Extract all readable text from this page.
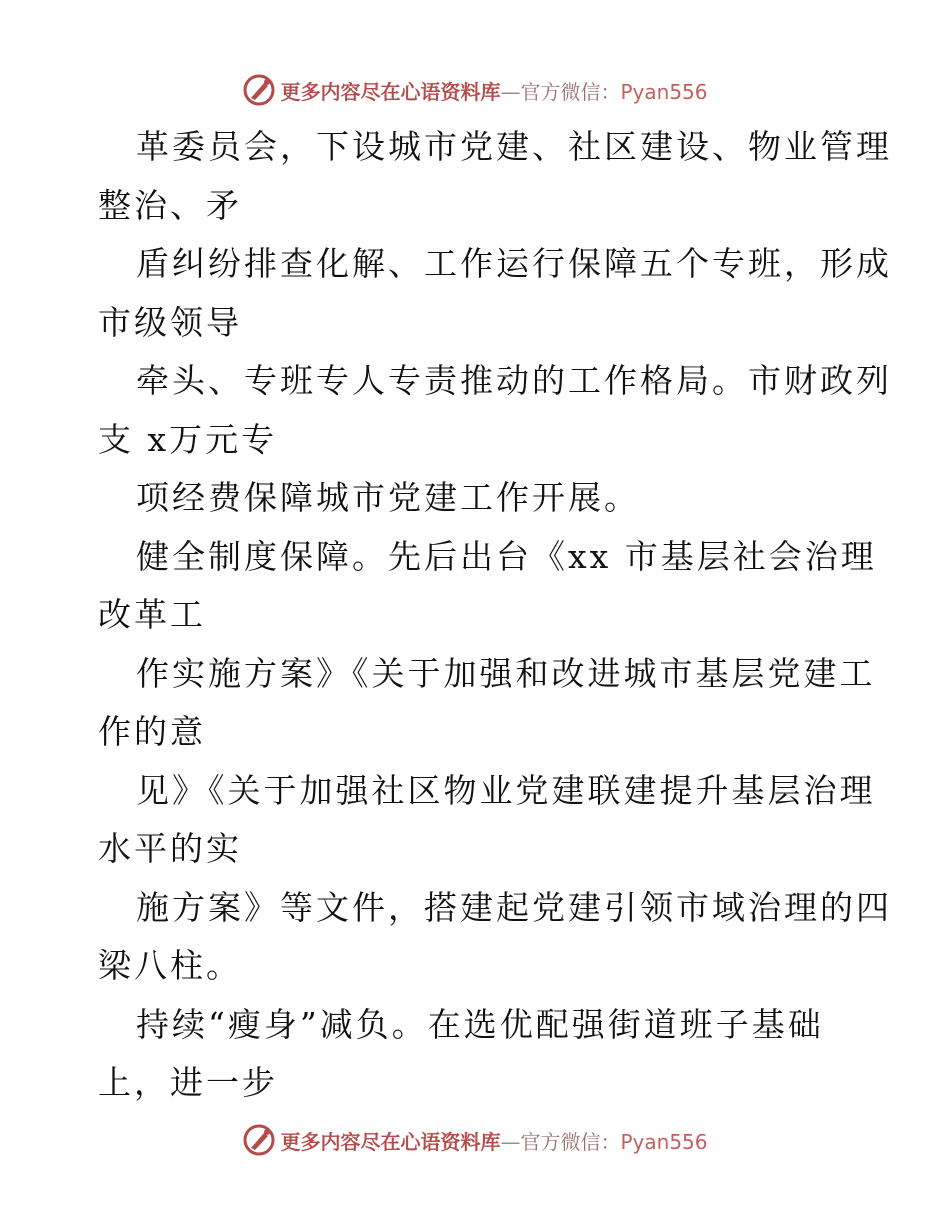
更多内容尽在心语资料库—官方微信：Pyan556
革委员会，下设城市党建、社区建设、物业管理
整治、矛
盾纠纷排查化解、工作运行保障五个专班，形成
市级领导
牵头、专班专人专责推动的工作格局。市财政列
支 x万元专
项经费保障城市党建工作开展。
健全制度保障。先后出台《xx 市基层社会治理
改革工
作实施方案》《关于加强和改进城市基层党建工
作的意
见》《关于加强社区物业党建联建提升基层治理
水平的实
施方案》等文件，搭建起党建引领市域治理的四
梁八柱。
持续“瘦身”减负。在选优配强街道班子基础
上，进一步
更多内容尽在心语资料库—官方微信：Pyan556
